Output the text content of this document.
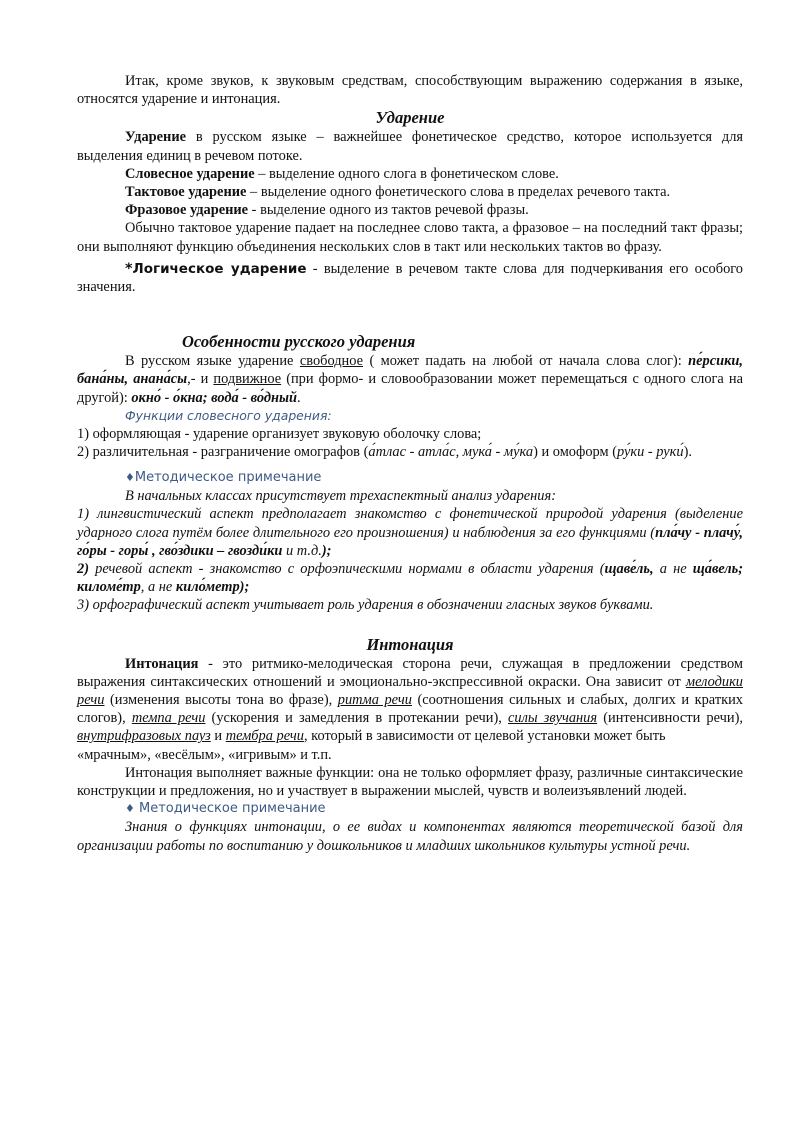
Итак, кроме звуков, к звуковым средствам, способствующим выражению содержания в языке, относятся ударение и интонация.

Ударение

Ударение в русском языке – важнейшее фонетическое средство, которое используется для выделения единиц в речевом потоке.

Словесное ударение – выделение одного слога в фонетическом слове.

Тактовое ударение – выделение одного фонетического слова в пределах речевого такта.

Фразовое ударение - выделение одного из тактов речевой фразы.

Обычно тактовое ударение падает на последнее слово такта, а фразовое – на последний такт фразы; они выполняют функцию объединения нескольких слов в такт или нескольких тактов во фразу.

*Логическое ударение - выделение в речевом такте слова для подчеркивания его особого значения.

Особенности русского ударения

В русском языке ударение свободное ( может падать на любой от начала слова слог): пе́рсики, бана́ны, анана́сы,- и подвижное (при формо- и словообразовании может перемещаться с одного слога на другой): окно́ - о́кна; вода́ - во́дный.

Функции словесного ударения:

1) оформляющая - ударение организует звуковую оболочку слова;

2) различительная - разграничение омографов (а́тлас - атла́с, мука́ - му́ка) и омоформ (ру́ки - руки́).

♦Методическое примечание

В начальных классах присутствует трехаспектный анализ ударения:

1) лингвистический аспект предполагает знакомство с фонетической природой ударения (выделение ударного слога путём более длительного его произношения) и наблюдения за его функциями (пла́чу - плачу́, го́ры - горы́ , гво́здики – гвозди́ки и т.д.);

2) речевой аспект - знакомство с орфоэпическими нормами в области ударения (щаве́ль, а не ща́вель; киломе́тр, а не кило́метр);

3) орфографический аспект учитывает роль ударения в обозначении гласных звуков буквами.

Интонация

Интонация - это ритмико-мелодическая сторона речи, служащая в предложении средством выражения синтаксических отношений и эмоционально-экспрессивной окраски. Она зависит от мелодики речи (изменения высоты тона во фразе), ритма речи (соотношения сильных и слабых, долгих и кратких слогов), темпа речи (ускорения и замедления в протекании речи), силы звучания (интенсивности речи), внутрифразовых пауз и тембра речи, который в зависимости от целевой установки может быть

«мрачным», «весёлым», «игривым» и т.п.

Интонация выполняет важные функции: она не только оформляет фразу, различные синтаксические конструкции и предложения, но и участвует в выражении мыслей, чувств и волеизъявлений людей.

♦ Методическое примечание

Знания о функциях интонации, о ее видах и компонентах являются теоретической базой для организации работы по воспитанию у дошкольников и младших школьников культуры устной речи.
